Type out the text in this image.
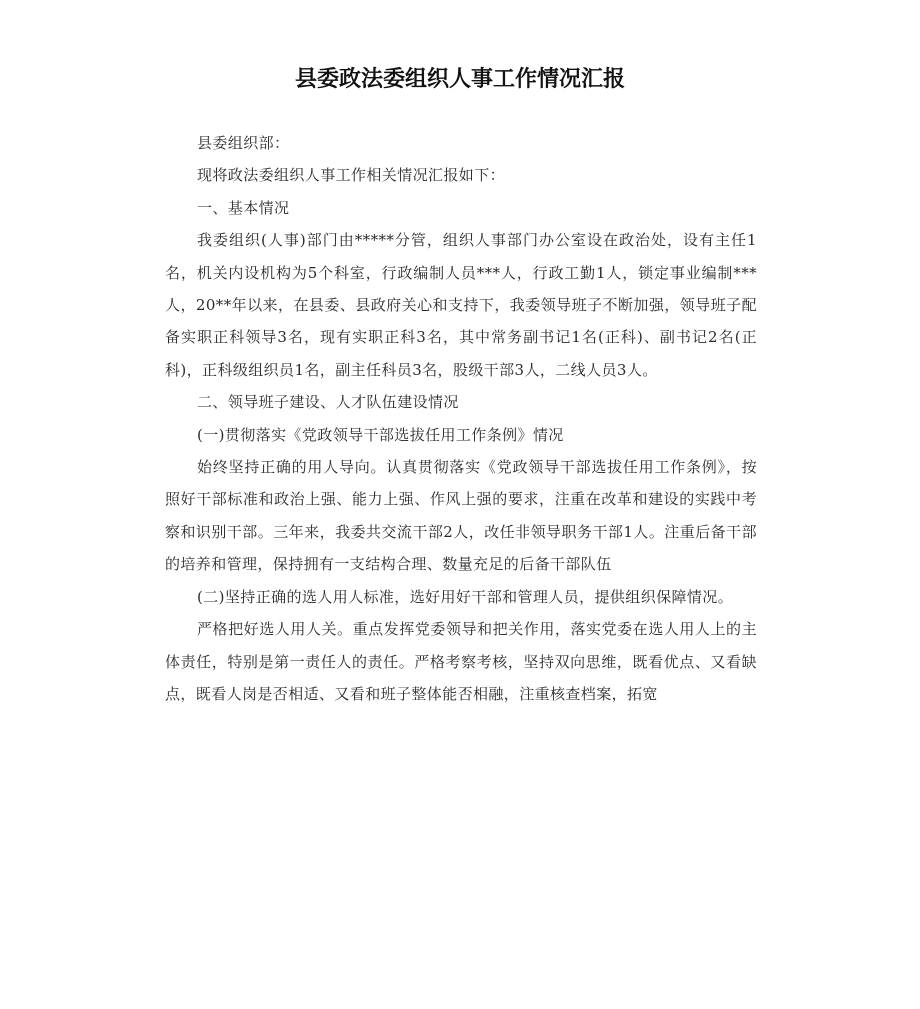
县委政法委组织人事工作情况汇报

县委组织部：

现将政法委组织人事工作相关情况汇报如下：

一、基本情况

我委组织(人事)部门由*****分管，组织人事部门办公室设在政治处，设有主任1名，机关内设机构为5个科室，行政编制人员***人，行政工勤1人，锁定事业编制***人，20**年以来，在县委、县政府关心和支持下，我委领导班子不断加强，领导班子配备实职正科领导3名，现有实职正科3名，其中常务副书记1名(正科)、副书记2名(正科)，正科级组织员1名，副主任科员3名，股级干部3人，二线人员3人。

二、领导班子建设、人才队伍建设情况

(一)贯彻落实《党政领导干部选拔任用工作条例》情况

始终坚持正确的用人导向。认真贯彻落实《党政领导干部选拔任用工作条例》，按照好干部标准和政治上强、能力上强、作风上强的要求，注重在改革和建设的实践中考察和识别干部。三年来，我委共交流干部2人，改任非领导职务干部1人。注重后备干部的培养和管理，保持拥有一支结构合理、数量充足的后备干部队伍

(二)坚持正确的选人用人标准，选好用好干部和管理人员，提供组织保障情况。

严格把好选人用人关。重点发挥党委领导和把关作用，落实党委在选人用人上的主体责任，特别是第一责任人的责任。严格考察考核，坚持双向思维，既看优点、又看缺点，既看人岗是否相适、又看和班子整体能否相融，注重核查档案，拓宽
